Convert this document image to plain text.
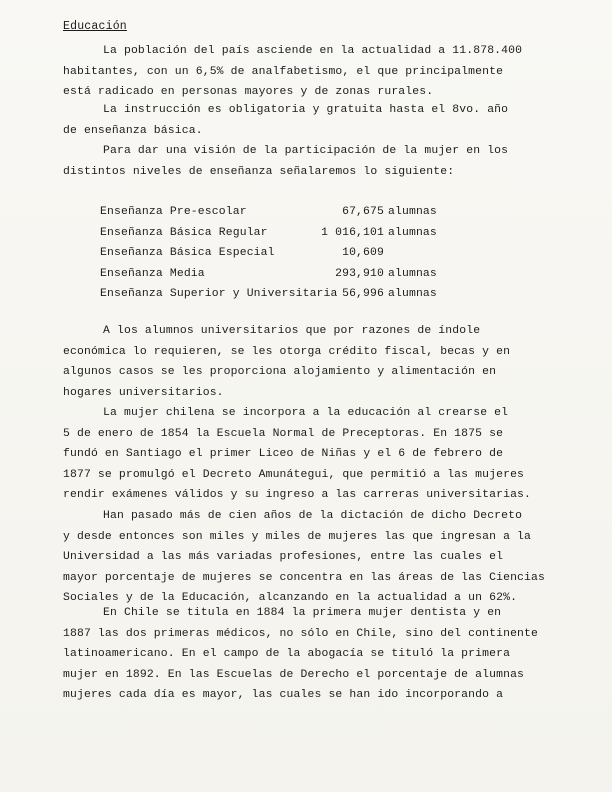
Educación
La población del país asciende en la actualidad a 11.878.400
habitantes, con un 6,5% de analfabetismo, el que principalmente
está radicado en personas mayores y de zonas rurales.
La instrucción es obligatoria y gratuita hasta el 8vo. año
de enseñanza básica.
Para dar una visión de la participación de la mujer en los
distintos niveles de enseñanza señalaremos lo siguiente:
Enseñanza Pre-escolar	67,675 alumnas
Enseñanza Básica Regular	1 016,101 alumnas
Enseñanza Básica Especial	10,609
Enseñanza Media	293,910 alumnas
Enseñanza Superior y Universitaria 56,996 alumnas
A los alumnos universitarios que por razones de índole
económica lo requieren, se les otorga crédito fiscal, becas y en
algunos casos se les proporciona alojamiento y alimentación en
hogares universitarios.
La mujer chilena se incorpora a la educación al crearse el
5 de enero de 1854 la Escuela Normal de Preceptoras. En 1875 se
fundó en Santiago el primer Liceo de Niñas y el 6 de febrero de
1877 se promulgó el Decreto Amunátegui, que permitió a las mujeres
rendir exámenes válidos y su ingreso a las carreras universitarias.
Han pasado más de cien años de la dictación de dicho Decreto
y desde entonces son miles y miles de mujeres las que ingresan a la
Universidad a las más variadas profesiones, entre las cuales el
mayor porcentaje de mujeres se concentra en las áreas de las Ciencias
Sociales y de la Educación, alcanzando en la actualidad a un 62%.
En Chile se titula en 1884 la primera mujer dentista y en
1887 las dos primeras médicos, no sólo en Chile, sino del continente
latinoamericano. En el campo de la abogacía se tituló la primera
mujer en 1892. En las Escuelas de Derecho el porcentaje de alumnas
mujeres cada día es mayor, las cuales se han ido incorporando a
